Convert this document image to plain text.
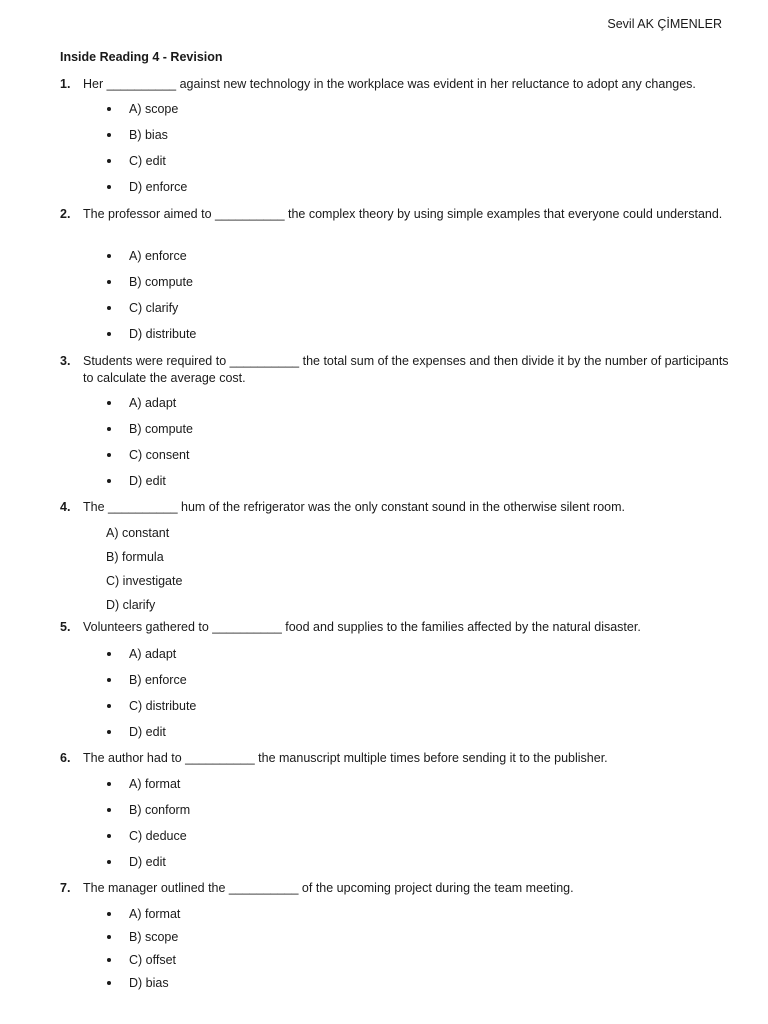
Sevil AK ÇİMENLER
Inside Reading 4 - Revision
1. Her __________ against new technology in the workplace was evident in her reluctance to adopt any changes.
A) scope
B) bias
C) edit
D) enforce
2. The professor aimed to __________ the complex theory by using simple examples that everyone could understand.
A) enforce
B) compute
C) clarify
D) distribute
3. Students were required to __________ the total sum of the expenses and then divide it by the number of participants to calculate the average cost.
A) adapt
B) compute
C) consent
D) edit
4. The __________ hum of the refrigerator was the only constant sound in the otherwise silent room.
A) constant
B) formula
C) investigate
D) clarify
5. Volunteers gathered to __________ food and supplies to the families affected by the natural disaster.
A) adapt
B) enforce
C) distribute
D) edit
6. The author had to __________ the manuscript multiple times before sending it to the publisher.
A) format
B) conform
C) deduce
D) edit
7. The manager outlined the __________ of the upcoming project during the team meeting.
A) format
B) scope
C) offset
D) bias
